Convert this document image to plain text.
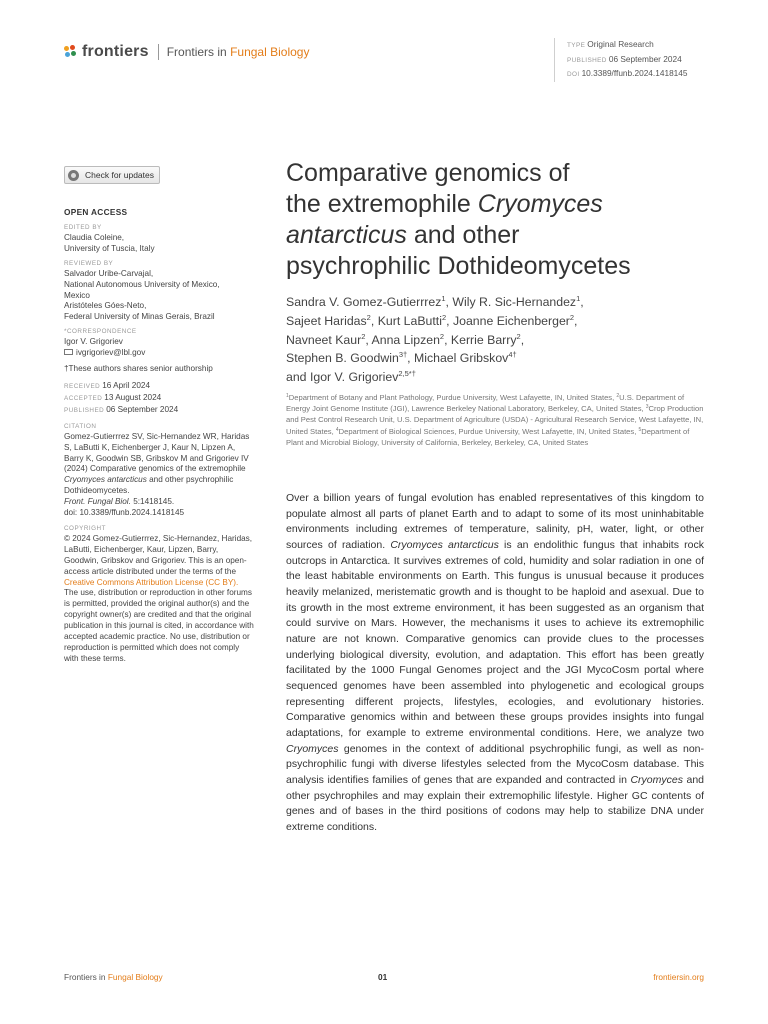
frontiers Frontiers in Fungal Biology	TYPE Original Research
PUBLISHED 06 September 2024
DOI 10.3389/ffunb.2024.1418145
Check for updates
OPEN ACCESS
EDITED BY
Claudia Coleine,
University of Tuscia, Italy
REVIEWED BY
Salvador Uribe-Carvajal,
National Autonomous University of Mexico,
Mexico
Aristóteles Góes-Neto,
Federal University of Minas Gerais, Brazil
*CORRESPONDENCE
Igor V. Grigoriev
ivgrigoriev@lbl.gov
†These authors shares senior authorship
RECEIVED 16 April 2024
ACCEPTED 13 August 2024
PUBLISHED 06 September 2024
CITATION
Gomez-Gutierrrez SV, Sic-Hernandez WR, Haridas S, LaButti K, Eichenberger J, Kaur N, Lipzen A, Barry K, Goodwin SB, Gribskov M and Grigoriev IV (2024) Comparative genomics of the extremophile Cryomyces antarcticus and other psychrophilic Dothideomycetes.
Front. Fungal Biol. 5:1418145.
doi: 10.3389/ffunb.2024.1418145
COPYRIGHT
© 2024 Gomez-Gutierrrez, Sic-Hernandez, Haridas, LaButti, Eichenberger, Kaur, Lipzen, Barry, Goodwin, Gribskov and Grigoriev. This is an open-access article distributed under the terms of the Creative Commons Attribution License (CC BY). The use, distribution or reproduction in other forums is permitted, provided the original author(s) and the copyright owner(s) are credited and that the original publication in this journal is cited, in accordance with accepted academic practice. No use, distribution or reproduction is permitted which does not comply with these terms.
Comparative genomics of
the extremophile Cryomyces
antarcticus and other
psychrophilic Dothideomycetes
Sandra V. Gomez-Gutierrrez$^1$, Wily R. Sic-Hernandez$^1$,
Sajeet Haridas$^2$, Kurt LaButti$^2$, Joanne Eichenberger$^2$,
Navneet Kaur$^2$, Anna Lipzen$^2$, Kerrie Barry$^2$,
Stephen B. Goodwin$^{3\dagger}$, Michael Gribskov$^{4\dagger}$
and Igor V. Grigoriev$^{2,5*\dagger}$
$^1$Department of Botany and Plant Pathology, Purdue University, West Lafayette, IN, United States, $^2$U.S. Department of Energy Joint Genome Institute (JGI), Lawrence Berkeley National Laboratory, Berkeley, CA, United States, $^3$Crop Production and Pest Control Research Unit, U.S. Department of Agriculture (USDA) - Agricultural Research Service, West Lafayette, IN, United States, $^4$Department of Biological Sciences, Purdue University, West Lafayette, IN, United States, $^5$Department of Plant and Microbial Biology, University of California, Berkeley, Berkeley, CA, United States
Over a billion years of fungal evolution has enabled representatives of this kingdom to populate almost all parts of planet Earth and to adapt to some of its most uninhabitable environments including extremes of temperature, salinity, pH, water, light, or other sources of radiation. Cryomyces antarcticus is an endolithic fungus that inhabits rock outcrops in Antarctica. It survives extremes of cold, humidity and solar radiation in one of the least habitable environments on Earth. This fungus is unusual because it produces heavily melanized, meristematic growth and is thought to be haploid and asexual. Due to its growth in the most extreme environment, it has been suggested as an organism that could survive on Mars. However, the mechanisms it uses to achieve its extremophilic nature are not known. Comparative genomics can provide clues to the processes underlying biological diversity, evolution, and adaptation. This effort has been greatly facilitated by the 1000 Fungal Genomes project and the JGI MycoCosm portal where sequenced genomes have been assembled into phylogenetic and ecological groups representing different projects, lifestyles, ecologies, and evolutionary histories. Comparative genomics within and between these groups provides insights into fungal adaptations, for example to extreme environmental conditions. Here, we analyze two Cryomyces genomes in the context of additional psychrophilic fungi, as well as non-psychrophilic fungi with diverse lifestyles selected from the MycoCosm database. This analysis identifies families of genes that are expanded and contracted in Cryomyces and other psychrophiles and may explain their extremophilic lifestyle. Higher GC contents of genes and of bases in the third positions of codons may help to stabilize DNA under extreme conditions.
Frontiers in Fungal Biology	01	frontiersin.org
